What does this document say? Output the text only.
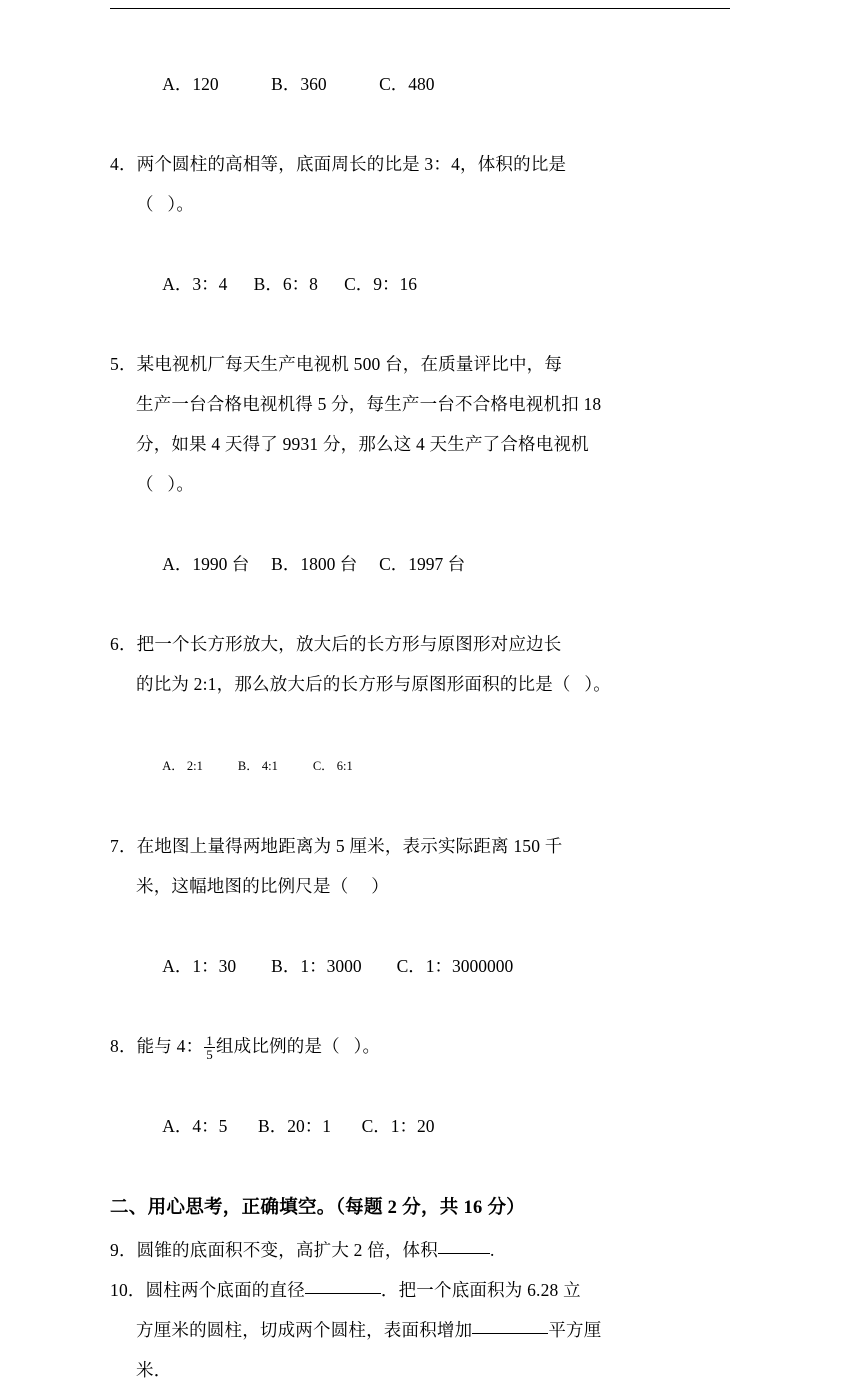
A．120	B．360	C．480

4．两个圆柱的高相等，底面周长的比是 3：4，体积的比是
（   ）。

A．3：4 B．6：8 C．9：16

5．某电视机厂每天生产电视机 500 台，在质量评比中，每
生产一台合格电视机得 5 分，每生产一台不合格电视机扣 18
分，如果 4 天得了 9931 分，那么这 4 天生产了合格电视机
（   ）。

A．1990 台 B．1800 台 C．1997 台

6．把一个长方形放大，放大后的长方形与原图形对应边长
的比为 2:1，那么放大后的长方形与原图形面积的比是（   ）。

A． 2:1	B． 4:1	C． 6:1

7．在地图上量得两地距离为 5 厘米，表示实际距离 150 千
米，这幅地图的比例尺是（     ）

A．1：30 B．1：3000 C．1：3000000

8．能与 4： $\frac{1}{5}$ 组成比例的是（   ）。

A．4：5 B．20：1 C．1：20

二、用心思考，正确填空。（每题 2 分，共 16 分）
9．圆锥的底面积不变，高扩大 2 倍，体积	.
10．圆柱两个底面的直径	．把一个底面积为 6.28 立
方厘米的圆柱，切成两个圆柱，表面积增加	平方厘
米．
